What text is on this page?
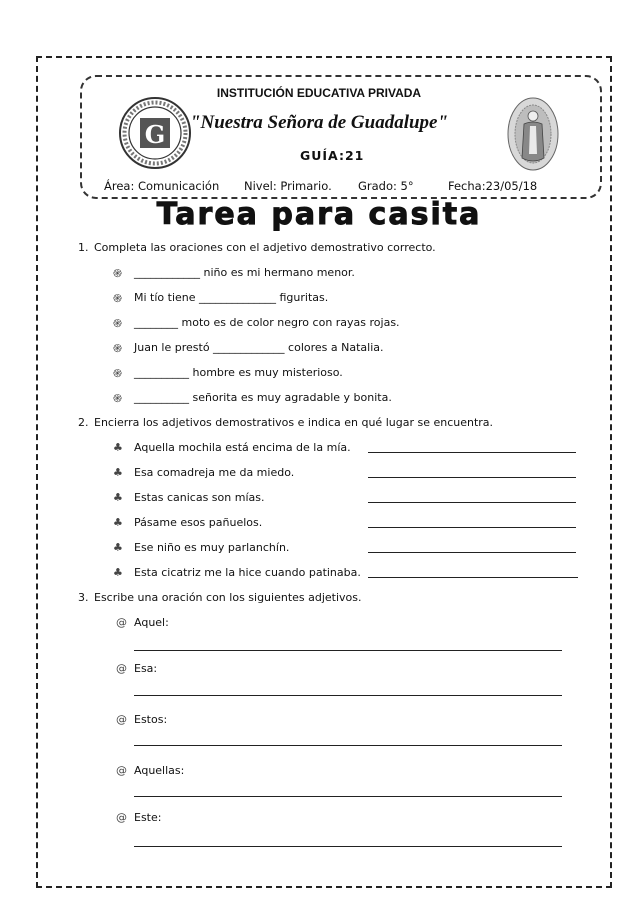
G
INSTITUCIÓN EDUCATIVA PRIVADA
"Nuestra Señora de Guadalupe"
GUÍA:21
Área: Comunicación Nivel: Primario. Grado: 5°	Fecha:23/05/18
Tarea para casita
1. Completa las oraciones con el adjetivo demostrativo correcto.
֍ ____________ niño es mi hermano menor.
֍ Mi tío tiene ______________ figuritas.
֍ ________ moto es de color negro con rayas rojas.
֍ Juan le prestó _____________ colores a Natalia.
֍ __________ hombre es muy misterioso.
֍ __________ señorita es muy agradable y bonita.
2. Encierra los adjetivos demostrativos e indica en qué lugar se encuentra.
♣ Aquella mochila está encima de la mía.
♣ Esa comadreja me da miedo.
♣ Estas canicas son mías.
♣ Pásame esos pañuelos.
♣ Ese niño es muy parlanchín.
♣ Esta cicatriz me la hice cuando patinaba.
3. Escribe una oración con los siguientes adjetivos.
@ Aquel:
@ Esa:
@ Estos:
@ Aquellas:
@ Este:
